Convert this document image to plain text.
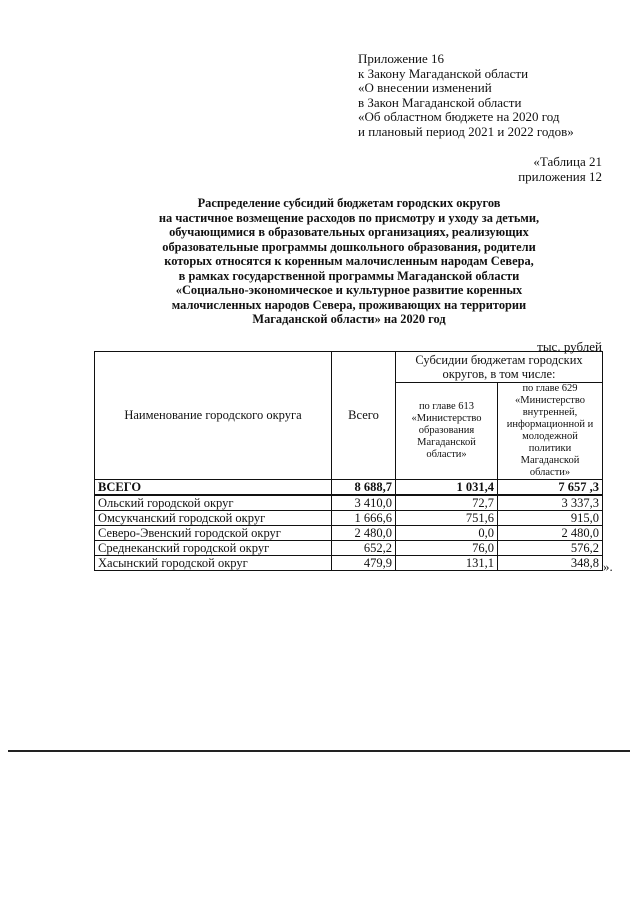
Приложение 16
к Закону Магаданской области
«О внесении изменений
в Закон Магаданской области
«Об областном бюджете на 2020 год
и плановый период 2021 и 2022 годов»
«Таблица 21
приложения 12
Распределение субсидий бюджетам городских округов
на частичное возмещение расходов по присмотру и уходу за детьми,
обучающимися в образовательных организациях, реализующих
образовательные программы дошкольного образования, родители
которых относятся к коренным малочисленным народам Севера,
в рамках государственной программы Магаданской области
«Социально-экономическое и культурное развитие коренных
малочисленных народов Севера, проживающих на территории
Магаданской области» на 2020 год
тыс. рублей
Наименование городского округа	Всего	Субсидии бюджетам городских округов, в том числе:	
		по главе 613 «Министерство образования Магаданской области»	по главе 629 «Министерство внутренней, информационной и молодежной политики Магаданской области»
ВСЕГО	8 688,7	1 031,4	7 657 ,3
Ольский городской округ	3 410,0	72,7	3 337,3
Омсукчанский городской округ	1 666,6	751,6	915,0
Северо-Эвенский городской округ	2 480,0	0,0	2 480,0
Среднеканский городской округ	652,2	76,0	576,2
Хасынский городской округ	479,9	131,1	348,8 ».
